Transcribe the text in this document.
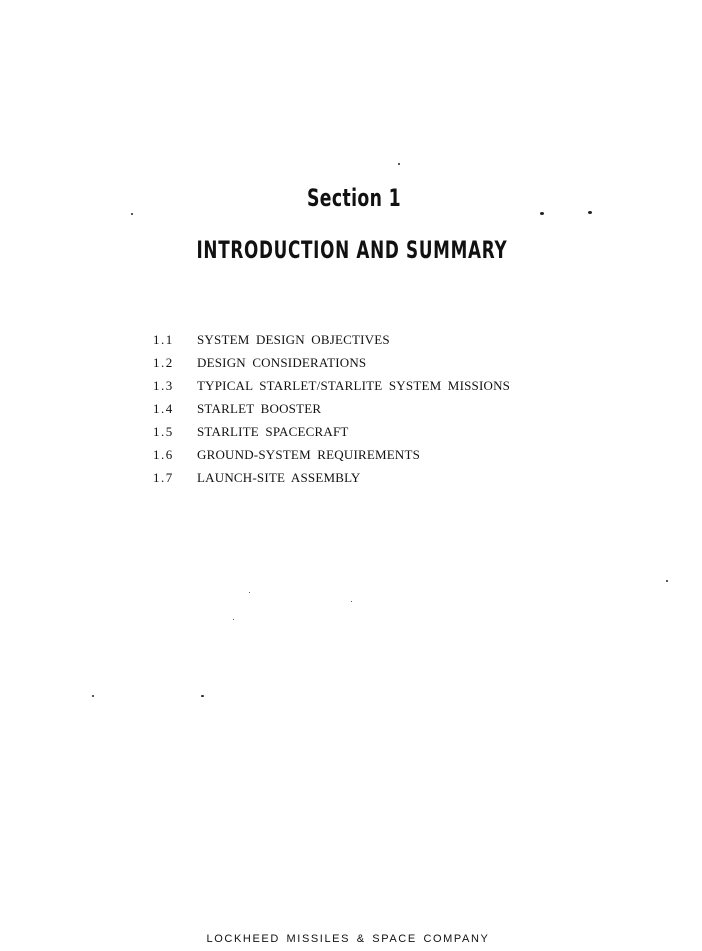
Section 1
INTRODUCTION AND SUMMARY
1.1 SYSTEM DESIGN OBJECTIVES
1.2 DESIGN CONSIDERATIONS
1.3 TYPICAL STARLET/STARLITE SYSTEM MISSIONS
1.4 STARLET BOOSTER
1.5 STARLITE SPACECRAFT
1.6 GROUND-SYSTEM REQUIREMENTS
1.7 LAUNCH-SITE ASSEMBLY
LOCKHEED MISSILES & SPACE COMPANY
